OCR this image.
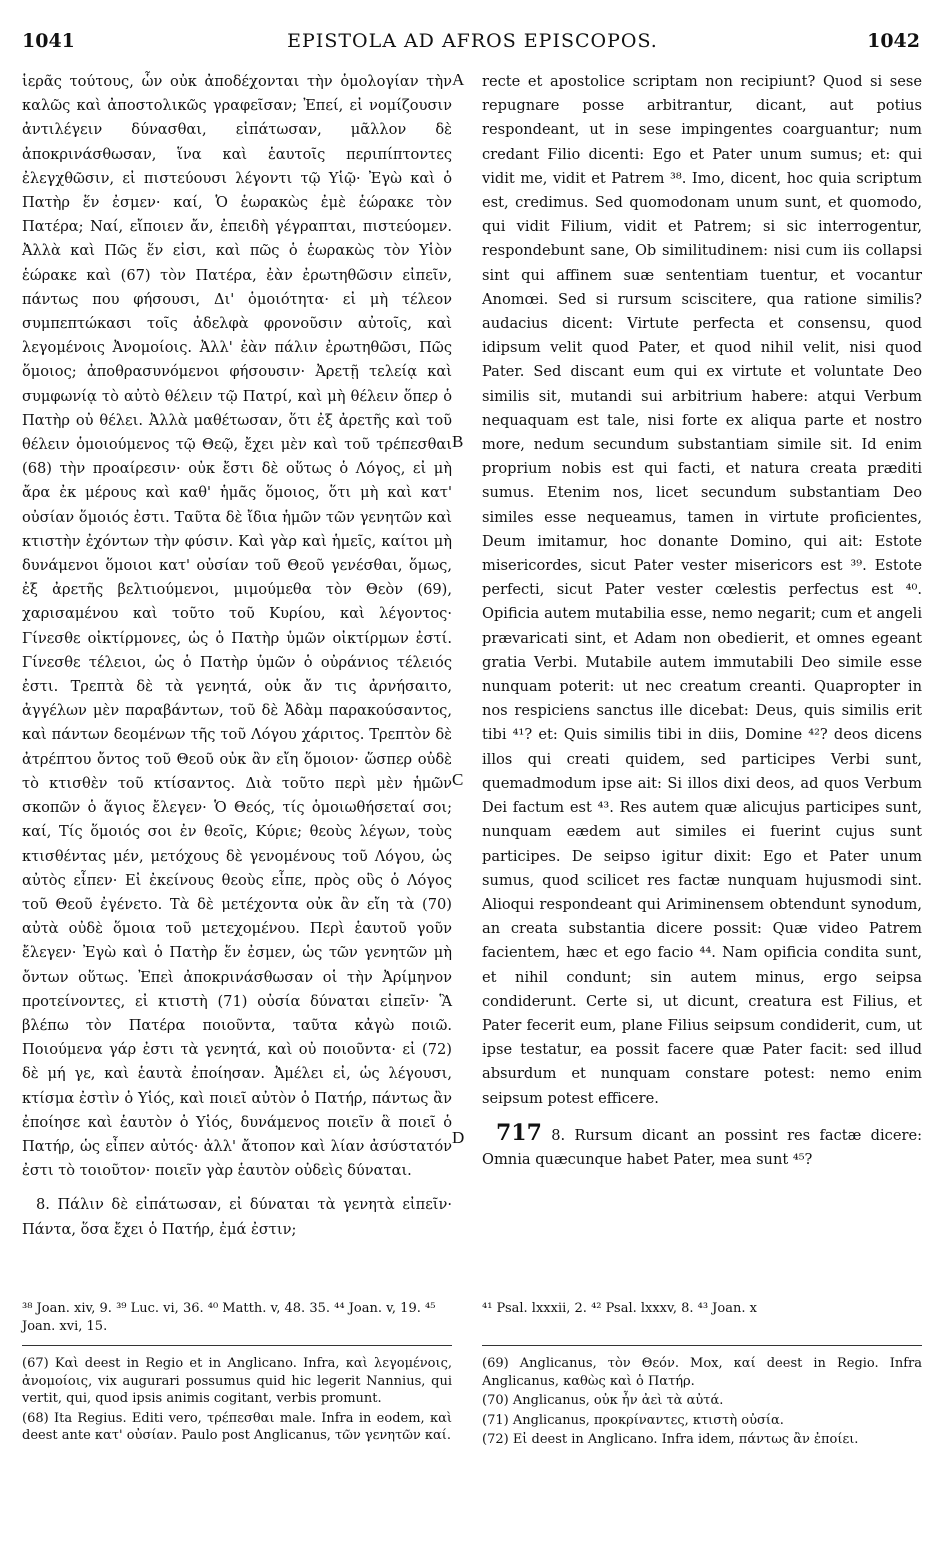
1041	EPISTOLA AD AFROS EPISCOPOS.	1042

ἱερᾶς τούτους, ὧν οὐκ ἀποδέχονται τὴν ὁμολογίαν τὴν καλῶς καὶ ἀποστολικῶς γραφεῖσαν; Ἐπεί, εἰ νομίζουσιν ἀντιλέγειν δύνασθαι, εἰπάτωσαν, μᾶλλον δὲ ἀποκρινάσθωσαν, ἵνα καὶ ἑαυτοῖς περιπίπτοντες ἐλεγχθῶσιν, εἰ πιστεύουσι λέγοντι τῷ Υἱῷ· Ἐγὼ καὶ ὁ Πατὴρ ἕν ἐσμεν· καί, Ὁ ἑωρακὼς ἐμὲ ἑώρακε τὸν Πατέρα; Ναί, εἴποιεν ἄν, ἐπειδὴ γέγραπται, πιστεύομεν. Ἀλλὰ καὶ Πῶς ἕν εἰσι, καὶ πῶς ὁ ἑωρακὼς τὸν Υἱὸν ἑώρακε καὶ (67) τὸν Πατέρα, ἐὰν ἐρωτηθῶσιν εἰπεῖν, πάντως που φήσουσι, Δι' ὁμοιότητα· εἰ μὴ τέλεον συμπεπτώκασι τοῖς ἀδελφὰ φρονοῦσιν αὐτοῖς, καὶ λεγομένοις Ἀνομοίοις. Ἀλλ' ἐὰν πάλιν ἐρωτηθῶσι, Πῶς ὅμοιος; ἀποθρασυνόμενοι φήσουσιν· Ἀρετῇ τελείᾳ καὶ συμφωνίᾳ τὸ αὐτὸ θέλειν τῷ Πατρί, καὶ μὴ θέλειν ὅπερ ὁ Πατὴρ οὐ θέλει. Ἀλλὰ μαθέτωσαν, ὅτι ἐξ ἀρετῆς καὶ τοῦ θέλειν ὁμοιούμενος τῷ Θεῷ, ἔχει μὲν καὶ τοῦ τρέπεσθαι (68) τὴν προαίρεσιν· οὐκ ἔστι δὲ οὕτως ὁ Λόγος, εἰ μὴ ἄρα ἐκ μέρους καὶ καθ' ἡμᾶς ὅμοιος, ὅτι μὴ καὶ κατ' οὐσίαν ὅμοιός ἐστι. Ταῦτα δὲ ἴδια ἡμῶν τῶν γενητῶν καὶ κτιστὴν ἐχόντων τὴν φύσιν. Καὶ γὰρ καὶ ἡμεῖς, καίτοι μὴ δυνάμενοι ὅμοιοι κατ' οὐσίαν τοῦ Θεοῦ γενέσθαι, ὅμως, ἐξ ἀρετῆς βελτιούμενοι, μιμούμεθα τὸν Θεὸν (69), χαρισαμένου καὶ τοῦτο τοῦ Κυρίου, καὶ λέγοντος· Γίνεσθε οἰκτίρμονες, ὡς ὁ Πατὴρ ὑμῶν οἰκτίρμων ἐστί. Γίνεσθε τέλειοι, ὡς ὁ Πατὴρ ὑμῶν ὁ οὐράνιος τέλειός ἐστι. Τρεπτὰ δὲ τὰ γενητά, οὐκ ἄν τις ἀρνήσαιτο, ἀγγέλων μὲν παραβάντων, τοῦ δὲ Ἀδὰμ παρακούσαντος, καὶ πάντων δεομένων τῆς τοῦ Λόγου χάριτος. Τρεπτὸν δὲ ἀτρέπτου ὄντος τοῦ Θεοῦ οὐκ ἂν εἴη ὅμοιον· ὥσπερ οὐδὲ τὸ κτισθὲν τοῦ κτίσαντος. Διὰ τοῦτο περὶ μὲν ἡμῶν σκοπῶν ὁ ἅγιος ἔλεγεν· Ὁ Θεός, τίς ὁμοιωθήσεταί σοι; καί, Τίς ὅμοιός σοι ἐν θεοῖς, Κύριε; θεοὺς λέγων, τοὺς κτισθέντας μέν, μετόχους δὲ γενομένους τοῦ Λόγου, ὡς αὐτὸς εἶπεν· Εἰ ἐκείνους θεοὺς εἶπε, πρὸς οὓς ὁ Λόγος τοῦ Θεοῦ ἐγένετο. Τὰ δὲ μετέχοντα οὐκ ἂν εἴη τὰ (70) αὐτὰ οὐδὲ ὅμοια τοῦ μετεχομένου. Περὶ ἑαυτοῦ γοῦν ἔλεγεν· Ἐγὼ καὶ ὁ Πατὴρ ἕν ἐσμεν, ὡς τῶν γενητῶν μὴ ὄντων οὕτως. Ἐπεὶ ἀποκρινάσθωσαν οἱ τὴν Ἀρίμηνον προτείνοντες, εἰ κτιστὴ (71) οὐσία δύναται εἰπεῖν· Ἃ βλέπω τὸν Πατέρα ποιοῦντα, ταῦτα κἀγὼ ποιῶ. Ποιούμενα γάρ ἐστι τὰ γενητά, καὶ οὐ ποιοῦντα· εἰ (72) δὲ μή γε, καὶ ἑαυτὰ ἐποίησαν. Ἀμέλει εἰ, ὡς λέγουσι, κτίσμα ἐστὶν ὁ Υἱός, καὶ ποιεῖ αὐτὸν ὁ Πατήρ, πάντως ἂν ἐποίησε καὶ ἑαυτὸν ὁ Υἱός, δυνάμενος ποιεῖν ἃ ποιεῖ ὁ Πατήρ, ὡς εἶπεν αὐτός· ἀλλ' ἄτοπον καὶ λίαν ἀσύστατόν ἐστι τὸ τοιοῦτον· ποιεῖν γὰρ ἑαυτὸν οὐδεὶς δύναται.

8. Πάλιν δὲ εἰπάτωσαν, εἰ δύναται τὰ γενητὰ εἰπεῖν· Πάντα, ὅσα ἔχει ὁ Πατήρ, ἐμά ἐστιν;

A
B
C
D

recte et apostolice scriptam non recipiunt? Quod si sese repugnare posse arbitrantur, dicant, aut potius respondeant, ut in sese impingentes coarguantur; num credant Filio dicenti: Ego et Pater unum sumus; et: qui vidit me, vidit et Patrem ³⁸. Imo, dicent, hoc quia scriptum est, credimus. Sed quomodonam unum sunt, et quomodo, qui vidit Filium, vidit et Patrem; si sic interrogentur, respondebunt sane, Ob similitudinem: nisi cum iis collapsi sint qui affinem suæ sententiam tuentur, et vocantur Anomœi. Sed si rursum sciscitere, qua ratione similis? audacius dicent: Virtute perfecta et consensu, quod idipsum velit quod Pater, et quod nihil velit, nisi quod Pater. Sed discant eum qui ex virtute et voluntate Deo similis sit, mutandi sui arbitrium habere: atqui Verbum nequaquam est tale, nisi forte ex aliqua parte et nostro more, nedum secundum substantiam simile sit. Id enim proprium nobis est qui facti, et natura creata præditi sumus. Etenim nos, licet secundum substantiam Deo similes esse nequeamus, tamen in virtute proficientes, Deum imitamur, hoc donante Domino, qui ait: Estote misericordes, sicut Pater vester misericors est ³⁹. Estote perfecti, sicut Pater vester cœlestis perfectus est ⁴⁰. Opificia autem mutabilia esse, nemo negarit; cum et angeli prævaricati sint, et Adam non obedierit, et omnes egeant gratia Verbi. Mutabile autem immutabili Deo simile esse nunquam poterit: ut nec creatum creanti. Quapropter in nos respiciens sanctus ille dicebat: Deus, quis similis erit tibi ⁴¹? et: Quis similis tibi in diis, Domine ⁴²? deos dicens illos qui creati quidem, sed participes Verbi sunt, quemadmodum ipse ait: Si illos dixi deos, ad quos Verbum Dei factum est ⁴³. Res autem quæ alicujus participes sunt, nunquam eædem aut similes ei fuerint cujus sunt participes. De seipso igitur dixit: Ego et Pater unum sumus, quod scilicet res factæ nunquam hujusmodi sint. Alioqui respondeant qui Ariminensem obtendunt synodum, an creata substantia dicere possit: Quæ video Patrem facientem, hæc et ego facio ⁴⁴. Nam opificia condita sunt, et nihil condunt; sin autem minus, ergo seipsa condiderunt. Certe si, ut dicunt, creatura est Filius, et Pater fecerit eum, plane Filius seipsum condiderit, cum, ut ipse testatur, ea possit facere quæ Pater facit: sed illud absurdum et nunquam constare potest: nemo enim seipsum potest efficere.

717 8. Rursum dicant an possint res factæ dicere: Omnia quæcunque habet Pater, mea sunt ⁴⁵?

³⁸ Joan. xiv, 9. ³⁹ Luc. vi, 36. ⁴⁰ Matth. v, 48. 35. ⁴⁴ Joan. v, 19. ⁴⁵ Joan. xvi, 15.

⁴¹ Psal. lxxxii, 2. ⁴² Psal. lxxxv, 8. ⁴³ Joan. x

(67) Καὶ deest in Regio et in Anglicano. Infra, καὶ λεγομένοις, ἀνομοίοις, vix augurari possumus quid hic legerit Nannius, qui vertit, qui, quod ipsis animis cogitant, verbis promunt.

(68) Ita Regius. Editi vero, τρέπεσθαι male. Infra in eodem, καὶ deest ante κατ' οὐσίαν. Paulo post Anglicanus, τῶν γενητῶν καί.

(69) Anglicanus, τὸν Θεόν. Mox, καί deest in Regio. Infra Anglicanus, καθὼς καὶ ὁ Πατήρ.

(70) Anglicanus, οὐκ ἦν ἀεὶ τὰ αὐτά.

(71) Anglicanus, προκρίναντες, κτιστὴ οὐσία.

(72) Εἰ deest in Anglicano. Infra idem, πάντως ἂν ἐποίει.
